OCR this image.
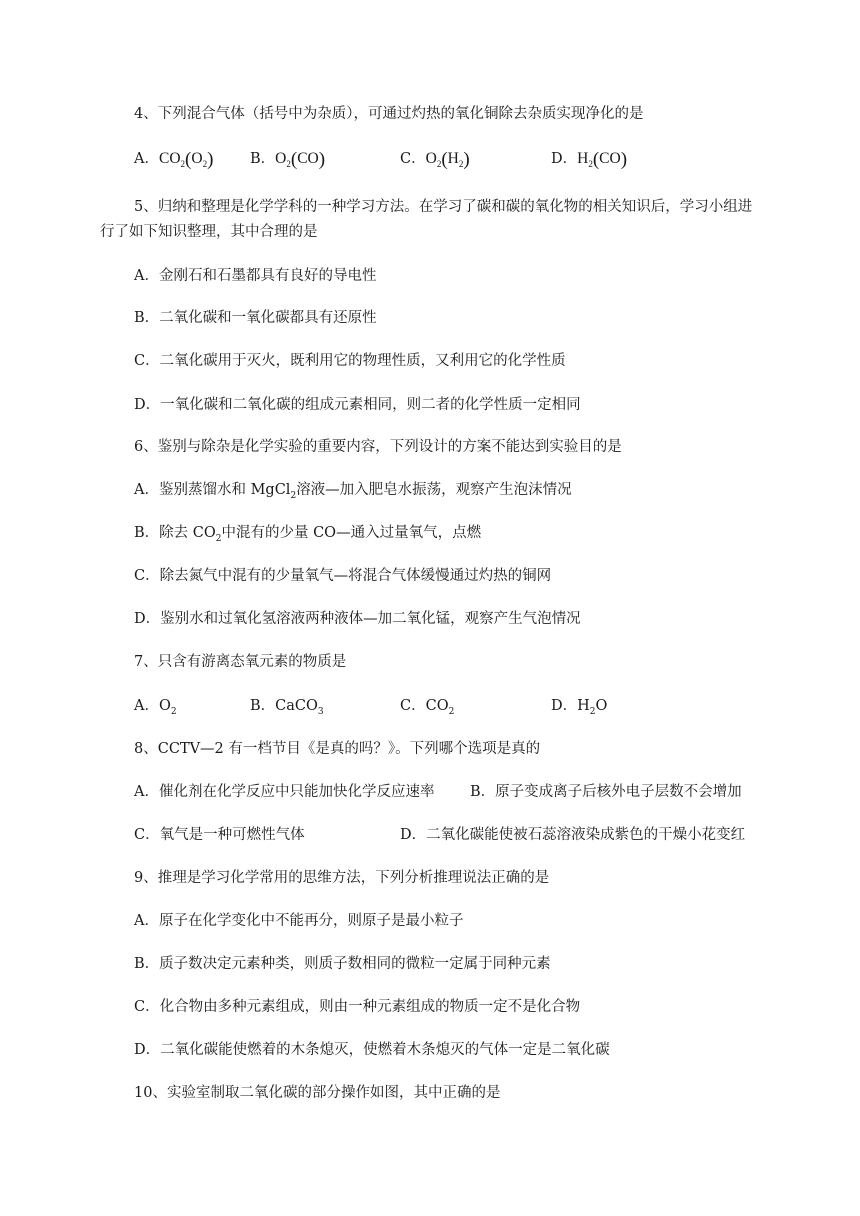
4、下列混合气体（括号中为杂质），可通过灼热的氧化铜除去杂质实现净化的是
A．$CO_2(O_2)$	B．$O_2(CO)$	C．$O_2(H_2)$	D．$H_2(CO)$
5、归纳和整理是化学学科的一种学习方法。在学习了碳和碳的氧化物的相关知识后，学习小组进
行了如下知识整理，其中合理的是
A．金刚石和石墨都具有良好的导电性
B．二氧化碳和一氧化碳都具有还原性
C．二氧化碳用于灭火，既利用它的物理性质，又利用它的化学性质
D．一氧化碳和二氧化碳的组成元素相同，则二者的化学性质一定相同
6、鉴别与除杂是化学实验的重要内容，下列设计的方案不能达到实验目的是
A．鉴别蒸馏水和 MgCl$_2$溶液—加入肥皂水振荡，观察产生泡沫情况
B．除去 $CO_2$中混有的少量 CO—通入过量氧气，点燃
C．除去氮气中混有的少量氧气—将混合气体缓慢通过灼热的铜网
D．鉴别水和过氧化氢溶液两种液体—加二氧化锰，观察产生气泡情况
7、只含有游离态氧元素的物质是
A．$O_2$	B．CaCO$_3$	C．$CO_2$	D．$H_2O$
8、CCTV—2 有一档节目《是真的吗？》。下列哪个选项是真的
A．催化剂在化学反应中只能加快化学反应速率 B．原子变成离子后核外电子层数不会增加
C．氧气是一种可燃性气体	D．二氧化碳能使被石蕊溶液染成紫色的干燥小花变红
9、推理是学习化学常用的思维方法，下列分析推理说法正确的是
A．原子在化学变化中不能再分，则原子是最小粒子
B．质子数决定元素种类，则质子数相同的微粒一定属于同种元素
C．化合物由多种元素组成，则由一种元素组成的物质一定不是化合物
D．二氧化碳能使燃着的木条熄灭，使燃着木条熄灭的气体一定是二氧化碳
10、实验室制取二氧化碳的部分操作如图，其中正确的是
